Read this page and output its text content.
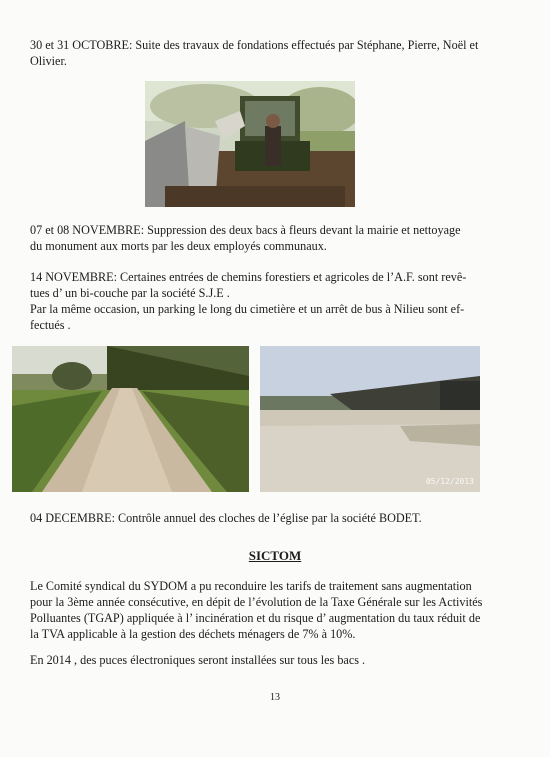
30 et 31 OCTOBRE: Suite des travaux de fondations effectués par Stéphane, Pierre, Noël et
Olivier.
07 et 08 NOVEMBRE: Suppression des deux bacs à fleurs devant la mairie et nettoyage
du monument aux morts par les deux employés communaux.
14 NOVEMBRE: Certaines entrées de chemins forestiers et agricoles de l’A.F. sont revê-
tues d’ un bi-couche par la société S.J.E .
Par la même occasion, un parking le long du cimetière et un arrêt de bus à Nilieu sont ef-
fectués .
05/12/2013
04 DECEMBRE: Contrôle annuel des cloches de l’église par la société BODET.
SICTOM
Le Comité syndical du SYDOM a pu reconduire les tarifs de traitement sans augmentation
pour la 3ème année consécutive, en dépit de l’évolution de la Taxe Générale sur les Activités
Polluantes (TGAP) appliquée à l’ incinération et du risque d’ augmentation du taux réduit de
la TVA applicable à la gestion des déchets ménagers de 7% à 10%.
En 2014 , des puces électroniques seront installées sur tous les bacs .
13
